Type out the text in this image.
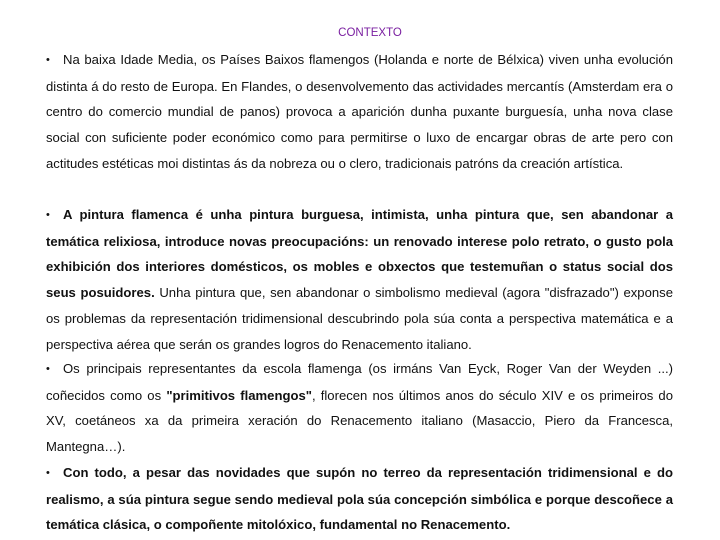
CONTEXTO

• Na baixa Idade Media, os Países Baixos flamengos (Holanda e norte de Bélxica) viven unha evolución distinta á do resto de Europa. En Flandes, o desenvolvemento das actividades mercantís (Amsterdam era o centro do comercio mundial de panos) provoca a aparición dunha puxante burguesía, unha nova clase social con suficiente poder económico como para permitirse o luxo de encargar obras de arte pero con actitudes estéticas moi distintas ás da nobreza ou o clero, tradicionais patróns da creación artística.

• A pintura flamenca é unha pintura burguesa, intimista, unha pintura que, sen abandonar a temática relixiosa, introduce novas preocupacións: un renovado interese polo retrato, o gusto pola exhibición dos interiores domésticos, os mobles e obxectos que testemuñan o status social dos seus posuidores. Unha pintura que, sen abandonar o simbolismo medieval (agora "disfrazado") exponse os problemas da representación tridimensional descubrindo pola súa conta a perspectiva matemática e a perspectiva aérea que serán os grandes logros do Renacemento italiano.

• Os principais representantes da escola flamenga (os irmáns Van Eyck, Roger Van der Weyden ...) coñecidos como os "primitivos flamengos", florecen nos últimos anos do século XIV e os primeiros do XV, coetáneos xa da primeira xeración do Renacemento italiano (Masaccio, Piero da Francesca, Mantegna…).

• Con todo, a pesar das novidades que supón no terreo da representación tridimensional e do realismo, a súa pintura segue sendo medieval pola súa concepción simbólica e porque descoñece a temática clásica, o compoñente mitolóxico, fundamental no Renacemento.
